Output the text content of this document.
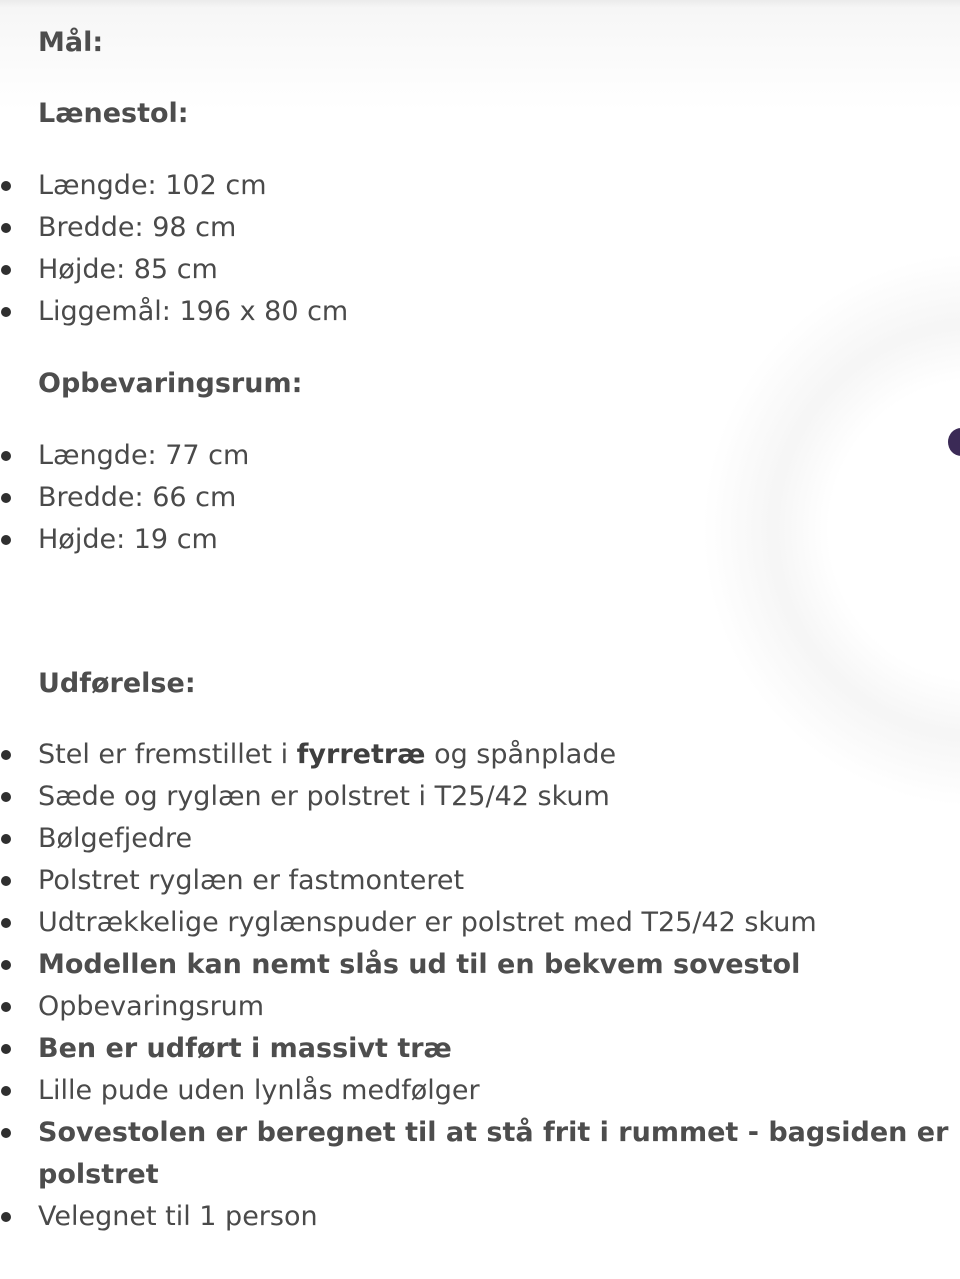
Mål:
Lænestol:
Længde: 102 cm
Bredde: 98 cm
Højde: 85 cm
Liggemål: 196 x 80 cm
Opbevaringsrum:
Længde: 77 cm
Bredde: 66 cm
Højde: 19 cm
Udførelse:
Stel er fremstillet i fyrretræ og spånplade
Sæde og ryglæn er polstret i T25/42 skum
Bølgefjedre
Polstret ryglæn er fastmonteret
Udtrækkelige ryglænspuder er polstret med T25/42 skum
Modellen kan nemt slås ud til en bekvem sovestol
Opbevaringsrum
Ben er udført i massivt træ
Lille pude uden lynlås medfølger
Sovestolen er beregnet til at stå frit i rummet - bagsiden er polstret
Velegnet til 1 person
